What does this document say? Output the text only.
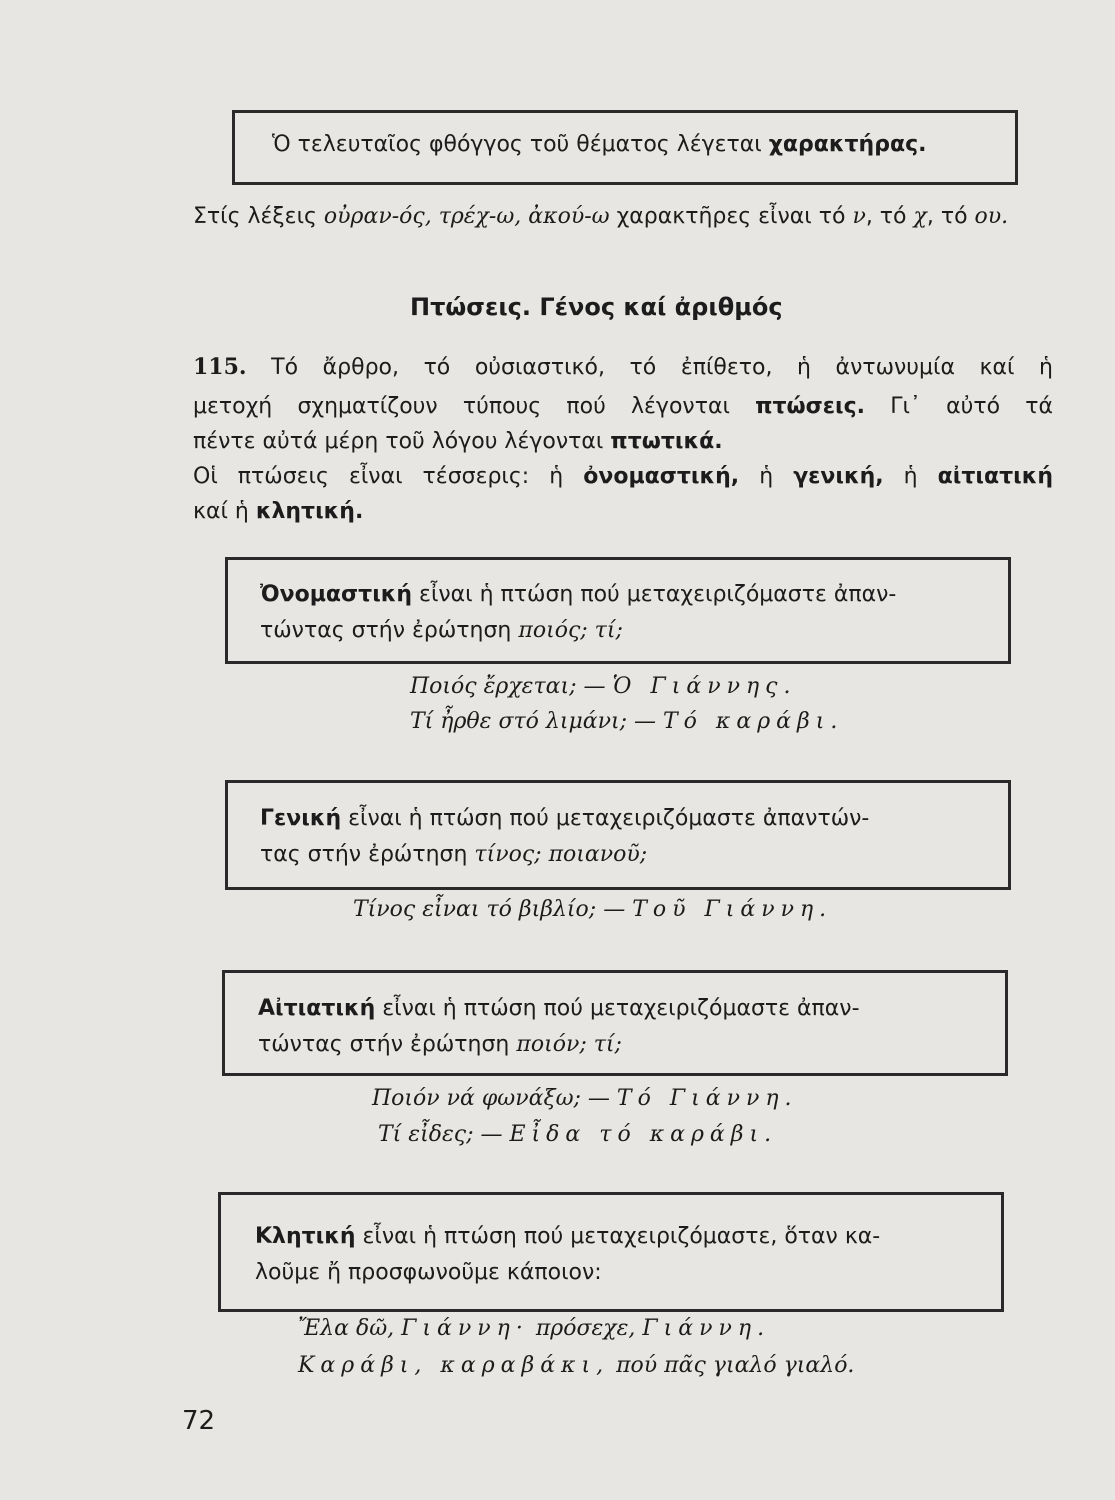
Ὁ τελευταῖος φθόγγος τοῦ θέματος λέγεται χαρακτήρας.
Στίς λέξεις οὐραν-ός, τρέχ-ω, ἀκού-ω χαρακτῆρες εἶναι τό ν, τό χ, τό ου.
Πτώσεις. Γένος καί ἀριθμός
115. Τό ἄρθρο, τό οὐσιαστικό, τό ἐπίθετο, ἡ ἀντωνυμία καί ἡ
μετοχή σχηματίζουν τύπους πού λέγονται πτώσεις. Γι᾽ αὐτό τά
πέντε αὐτά μέρη τοῦ λόγου λέγονται πτωτικά.
Οἱ πτώσεις εἶναι τέσσερις: ἡ ὀνομαστική, ἡ γενική, ἡ αἰτιατική
καί ἡ κλητική.
Ὀνομαστική εἶναι ἡ πτώση πού μεταχειριζόμαστε ἀπαν-
τώντας στήν ἐρώτηση ποιός; τί;
Ποιός ἔρχεται; — Ὁ Γιάννης.
Τί ἦρθε στό λιμάνι; — Τό καράβι.
Γενική εἶναι ἡ πτώση πού μεταχειριζόμαστε ἀπαντών-
τας στήν ἐρώτηση τίνος; ποιανοῦ;
Τίνος εἶναι τό βιβλίο; — Τοῦ Γιάννη.
Αἰτιατική εἶναι ἡ πτώση πού μεταχειριζόμαστε ἀπαν-
τώντας στήν ἐρώτηση ποιόν; τί;
Ποιόν νά φωνάξω; — Τό Γιάννη.
Τί εἶδες; — Εἶδα τό καράβι.
Κλητική εἶναι ἡ πτώση πού μεταχειριζόμαστε, ὅταν κα-
λοῦμε ἤ προσφωνοῦμε κάποιον:
Ἔλα δῶ, Γιάννη· πρόσεχε, Γιάννη.
Καράβι, καραβάκι, πού πᾶς γιαλό γιαλό.
72
